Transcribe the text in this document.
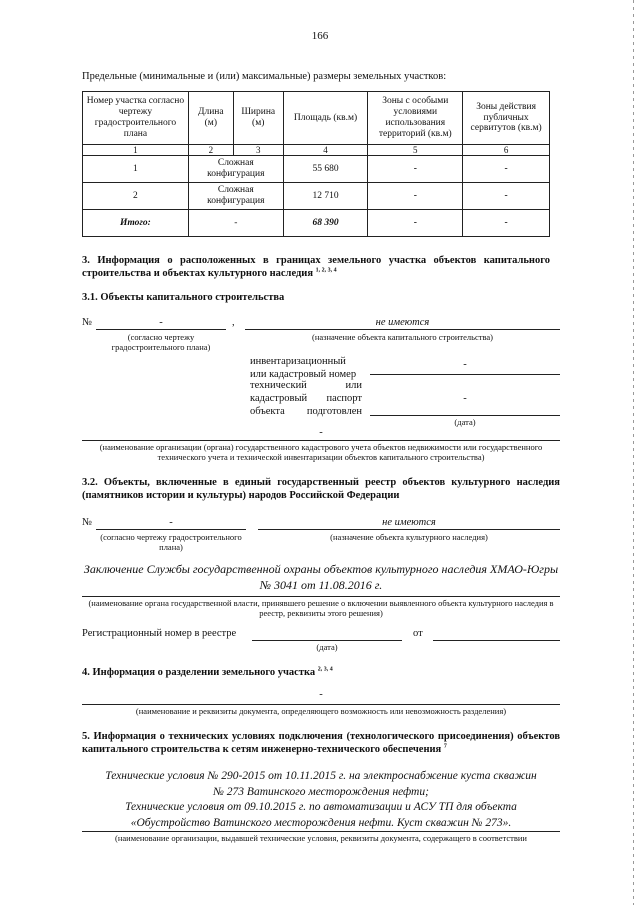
166
Предельные (минимальные и (или) максимальные) размеры земельных участков:
Номер участка согласно чертежу градостроительного плана	Длина (м)	Ширина (м)	Площадь (кв.м)	Зоны с особыми условиями использования территорий (кв.м)	Зоны действия публичных сервитутов (кв.м)
1	2	3	4	5	6
1	Сложная конфигурация		55 680	-	-
2	Сложная конфигурация		12 710	-	-
Итого:	-		68 390	-	-
3. Информация о расположенных в границах земельного участка объектов капитального строительства и объектах культурного наследия $^{1, 2, 3, 4}$
3.1. Объекты капитального строительства
№	-	,	не имеются
(согласно чертежу градостроительного плана)
(назначение объекта капитального строительства)
инвентаризационный или кадастровый номер
-
технический или кадастровый паспорт объекта подготовлен
-
(дата)
-
(наименование организации (органа) государственного кадастрового учета объектов недвижимости или государственного технического учета и технической инвентаризации объектов капитального строительства)
3.2. Объекты, включенные в единый государственный реестр объектов культурного наследия (памятников истории и культуры) народов Российской Федерации
№	-	не имеются
(согласно чертежу градостроительного плана)
(назначение объекта культурного наследия)
Заключение Службы государственной охраны объектов культурного наследия ХМАО-Югры № 3041 от 11.08.2016 г.
(наименование органа государственной власти, принявшего решение о включении выявленного объекта культурного наследия в реестр, реквизиты этого решения)
Регистрационный номер в реестре	от
(дата)
4. Информация о разделении земельного участка $^{2, 3, 4}$
-
(наименование и реквизиты документа, определяющего возможность или невозможность разделения)
5. Информация о технических условиях подключения (технологического присоединения) объектов капитального строительства к сетям инженерно-технического обеспечения $^7$
Технические условия № 290-2015 от 10.11.2015 г. на электроснабжение куста скважин
№ 273 Ватинского месторождения нефти;
Технические условия от 09.10.2015 г. по автоматизации и АСУ ТП для объекта
«Обустройство Ватинского месторождения нефти. Куст скважин № 273».
(наименование организации, выдавшей технические условия, реквизиты документа, содержащего в соответствии
